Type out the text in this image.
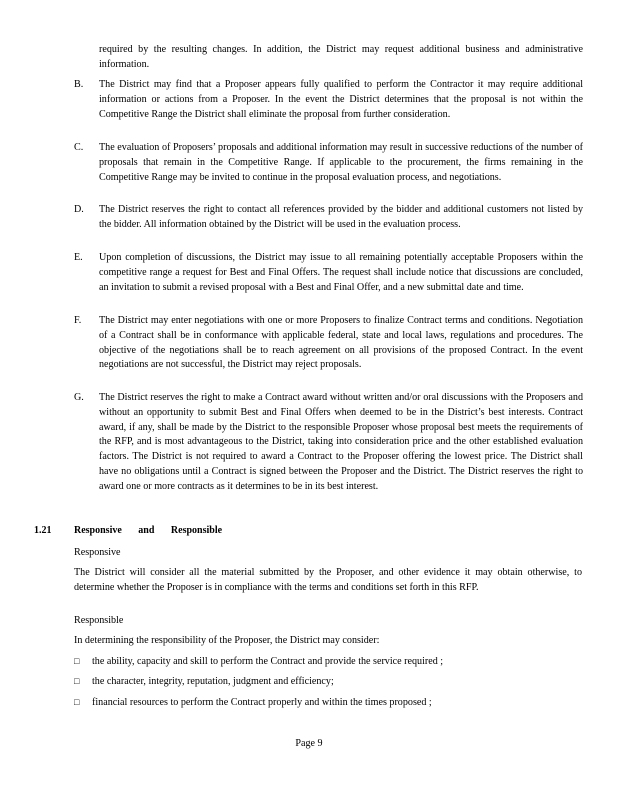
required by the resulting changes. In addition, the District may request additional business and administrative information.
B. The District may find that a Proposer appears fully qualified to perform the Contractor it may require additional information or actions from a Proposer. In the event the District determines that the proposal is not within the Competitive Range the District shall eliminate the proposal from further consideration.
C. The evaluation of Proposers’ proposals and additional information may result in successive reductions of the number of proposals that remain in the Competitive Range. If applicable to the procurement, the firms remaining in the Competitive Range may be invited to continue in the proposal evaluation process, and negotiations.
D. The District reserves the right to contact all references provided by the bidder and additional customers not listed by the bidder. All information obtained by the District will be used in the evaluation process.
E. Upon completion of discussions, the District may issue to all remaining potentially acceptable Proposers within the competitive range a request for Best and Final Offers. The request shall include notice that discussions are concluded, an invitation to submit a revised proposal with a Best and Final Offer, and a new submittal date and time.
F. The District may enter negotiations with one or more Proposers to finalize Contract terms and conditions. Negotiation of a Contract shall be in conformance with applicable federal, state and local laws, regulations and procedures. The objective of the negotiations shall be to reach agreement on all provisions of the proposed Contract. In the event negotiations are not successful, the District may reject proposals.
G. The District reserves the right to make a Contract award without written and/or oral discussions with the Proposers and without an opportunity to submit Best and Final Offers when deemed to be in the District’s best interests. Contract award, if any, shall be made by the District to the responsible Proposer whose proposal best meets the requirements of the RFP, and is most advantageous to the District, taking into consideration price and the other established evaluation factors. The District is not required to award a Contract to the Proposer offering the lowest price. The District shall have no obligations until a Contract is signed between the Proposer and the District. The District reserves the right to award one or more contracts as it determines to be in its best interest.
1.21 Responsive and Responsible
Responsive
The District will consider all the material submitted by the Proposer, and other evidence it may obtain otherwise, to determine whether the Proposer is in compliance with the terms and conditions set forth in this RFP.
Responsible
In determining the responsibility of the Proposer, the District may consider:
□ the ability, capacity and skill to perform the Contract and provide the service required ;
□ the character, integrity, reputation, judgment and efficiency;
□ financial resources to perform the Contract properly and within the times proposed ;
Page 9
